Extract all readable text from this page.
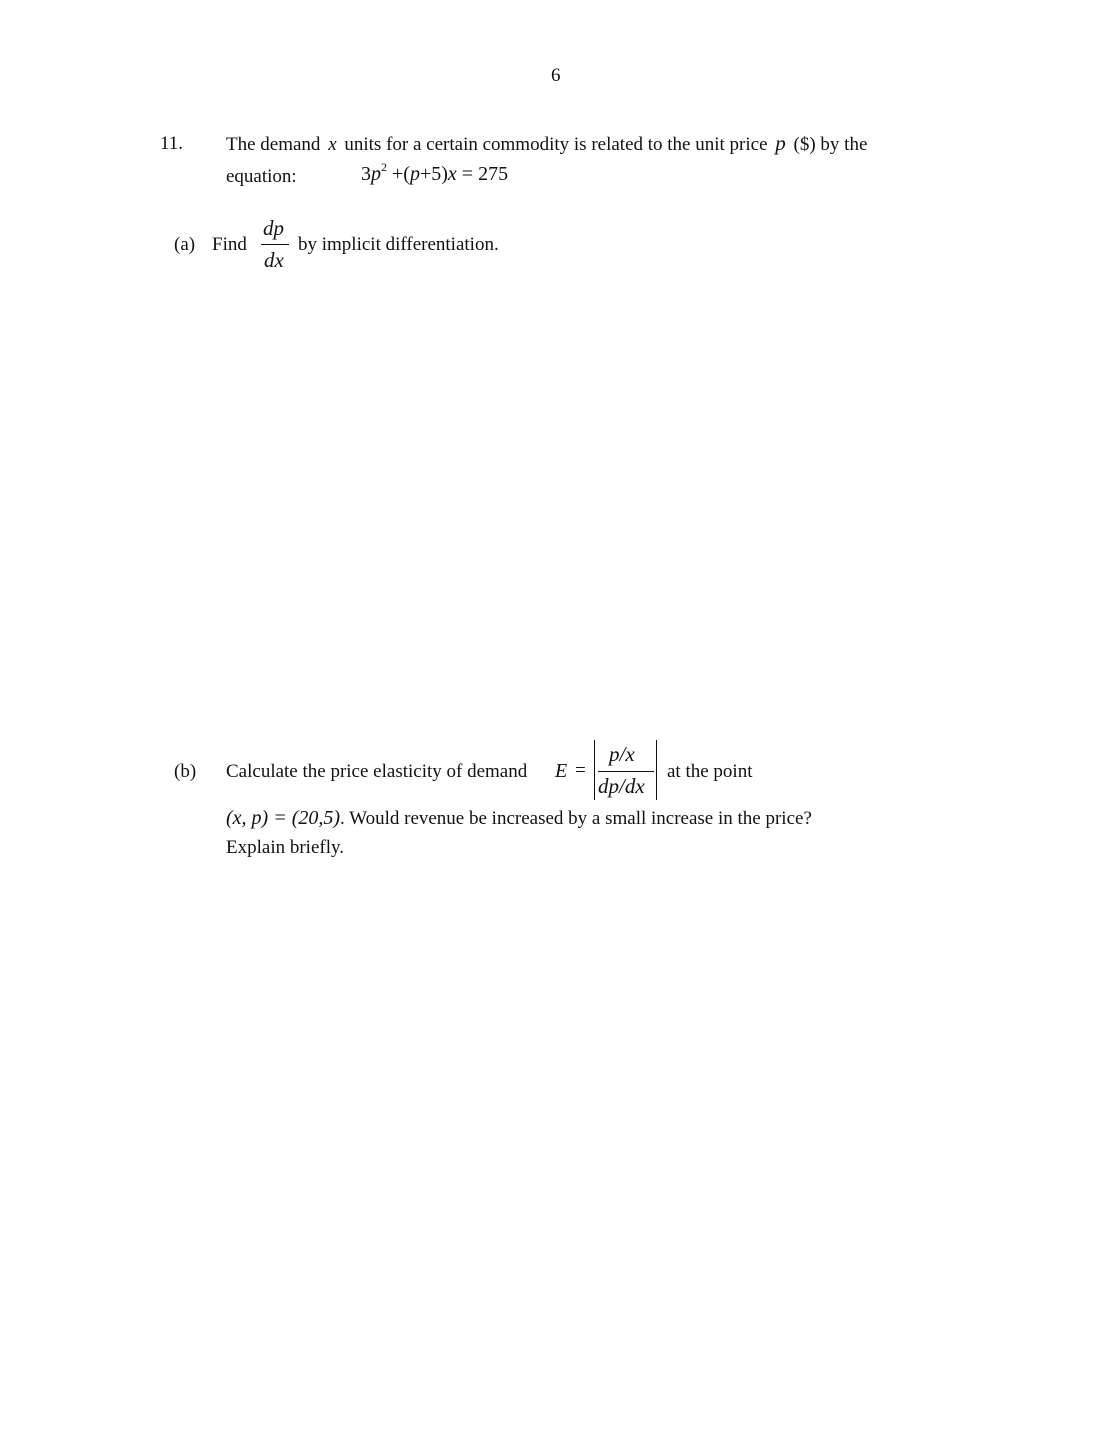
6
11. The demand x units for a certain commodity is related to the unit price p ($) by the
equation:	$3p^2 +(p+5)x = 275$
(a) Find
dp
dx
by implicit differentiation.
(b) Calculate the price elasticity of demand E =
p/x
dp/dx
at the point
(x, p) = (20,5). Would revenue be increased by a small increase in the price?
Explain briefly.
